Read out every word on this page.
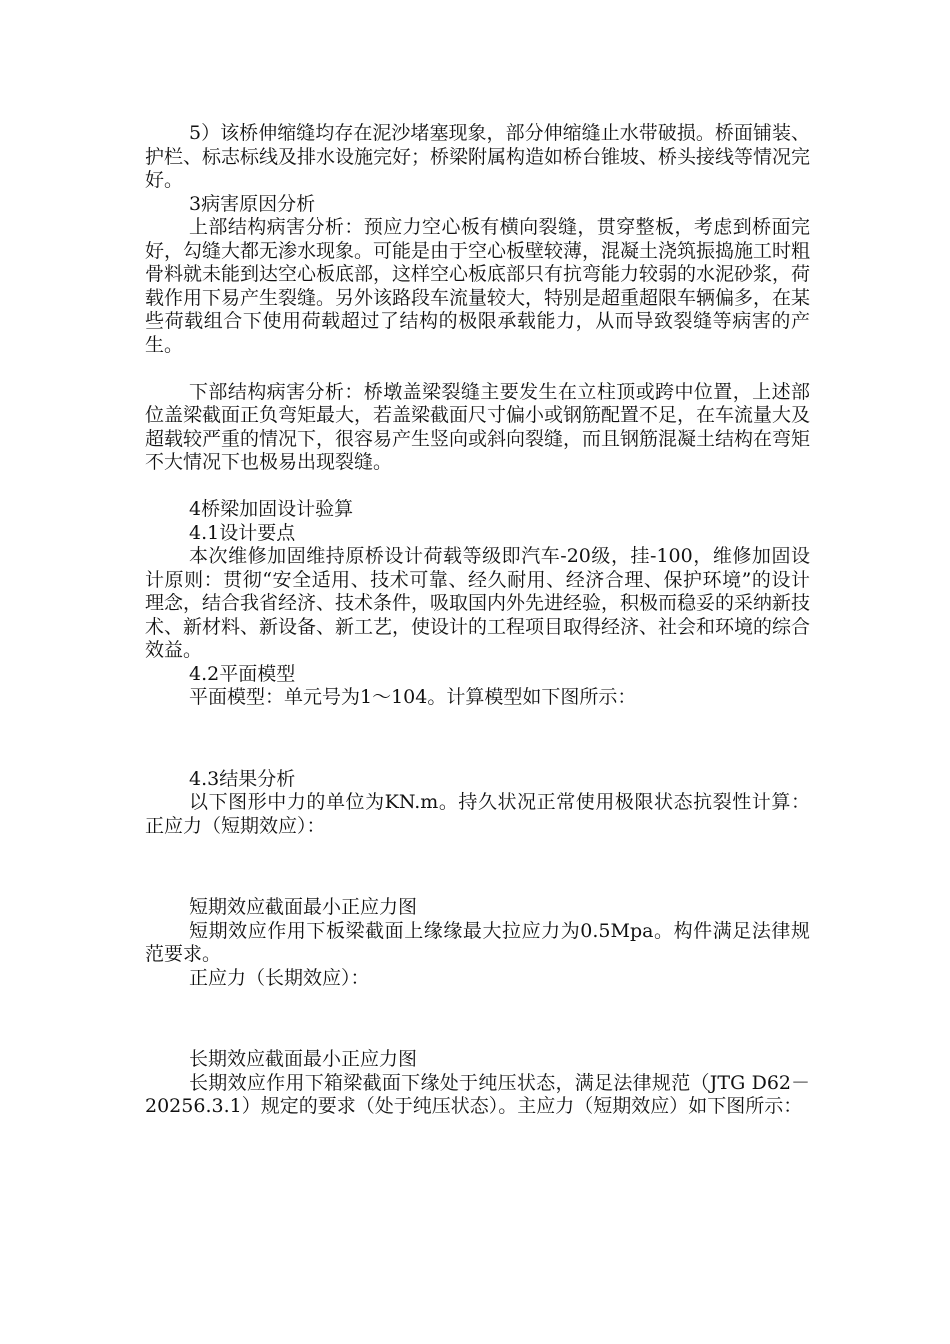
5）该桥伸缩缝均存在泥沙堵塞现象，部分伸缩缝止水带破损。桥面铺装、护栏、标志标线及排水设施完好；桥梁附属构造如桥台锥坡、桥头接线等情况完好。

3病害原因分析

上部结构病害分析：预应力空心板有横向裂缝，贯穿整板，考虑到桥面完好，勾缝大都无渗水现象。可能是由于空心板壁较薄，混凝土浇筑振捣施工时粗骨料就未能到达空心板底部，这样空心板底部只有抗弯能力较弱的水泥砂浆，荷载作用下易产生裂缝。另外该路段车流量较大，特别是超重超限车辆偏多，在某些荷载组合下使用荷载超过了结构的极限承载能力，从而导致裂缝等病害的产生。

下部结构病害分析：桥墩盖梁裂缝主要发生在立柱顶或跨中位置，上述部位盖梁截面正负弯矩最大，若盖梁截面尺寸偏小或钢筋配置不足，在车流量大及超载较严重的情况下，很容易产生竖向或斜向裂缝，而且钢筋混凝土结构在弯矩不大情况下也极易出现裂缝。

4桥梁加固设计验算

4.1设计要点

本次维修加固维持原桥设计荷载等级即汽车-20级，挂-100，维修加固设计原则：贯彻“安全适用、技术可靠、经久耐用、经济合理、保护环境”的设计理念，结合我省经济、技术条件，吸取国内外先进经验，积极而稳妥的采纳新技术、新材料、新设备、新工艺，使设计的工程项目取得经济、社会和环境的综合效益。

4.2平面模型

平面模型：单元号为1～104。计算模型如下图所示：

4.3结果分析

以下图形中力的单位为KN.m。持久状况正常使用极限状态抗裂性计算：正应力（短期效应）：

短期效应截面最小正应力图

短期效应作用下板梁截面上缘缘最大拉应力为0.5Mpa。构件满足法律规范要求。

正应力（长期效应）：

长期效应截面最小正应力图

长期效应作用下箱梁截面下缘处于纯压状态，满足法律规范（JTG D62－20256.3.1）规定的要求（处于纯压状态）。主应力（短期效应）如下图所示：
